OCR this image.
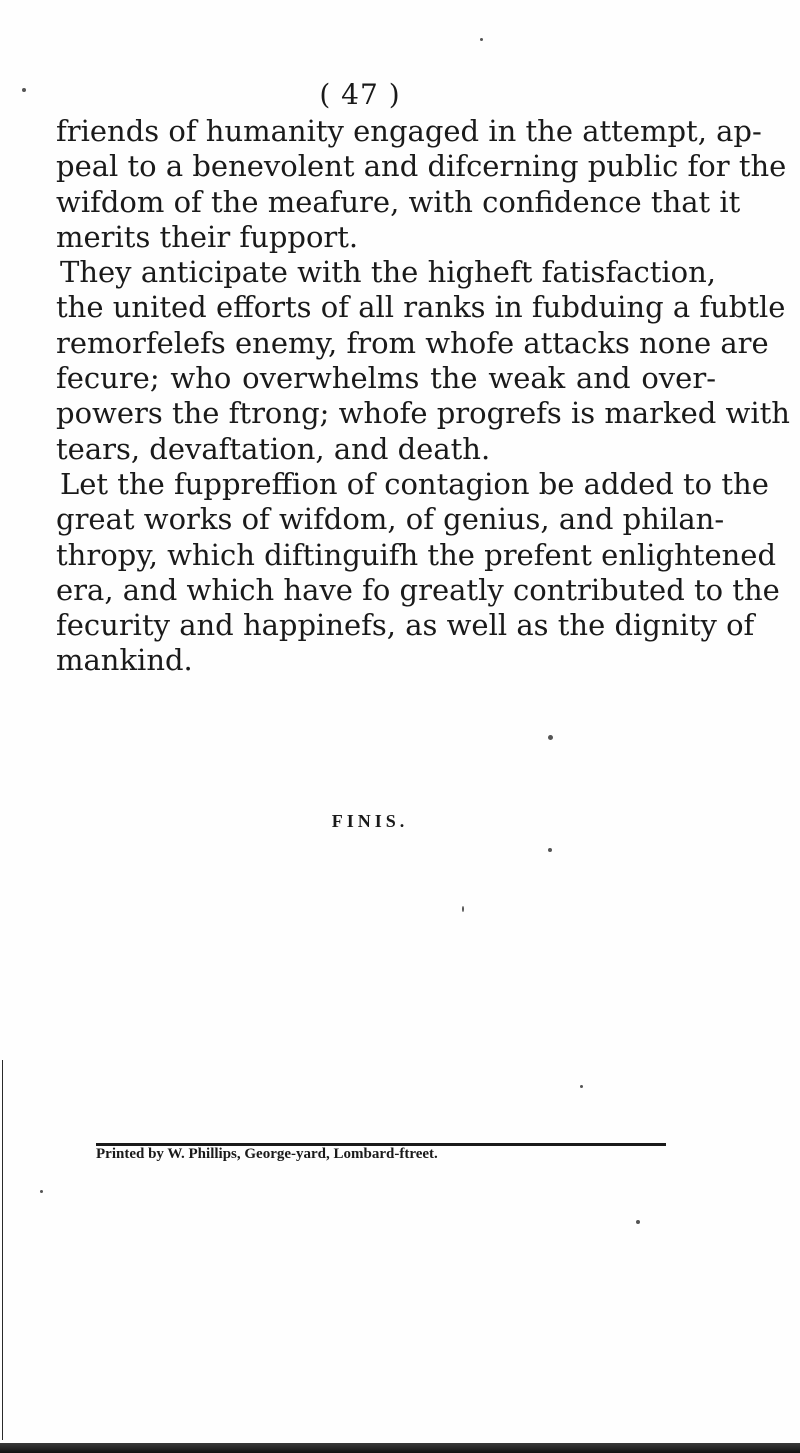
( 47 )
friends of humanity engaged in the attempt, ap-
peal to a benevolent and difcerning public for the
wifdom of the meafure, with confidence that it
merits their fupport.
They anticipate with the higheft fatisfaction,
the united efforts of all ranks in fubduing a fubtle
remorfelefs enemy, from whofe attacks none are
fecure; who overwhelms the weak and over-
powers the ftrong; whofe progrefs is marked with
tears, devaftation, and death.
Let the fuppreffion of contagion be added to the
great works of wifdom, of genius, and philan-
thropy, which diftinguifh the prefent enlightened
era, and which have fo greatly contributed to the
fecurity and happinefs, as well as the dignity of
mankind.
FINIS.
Printed by W. Phillips, George-yard, Lombard-ftreet.
